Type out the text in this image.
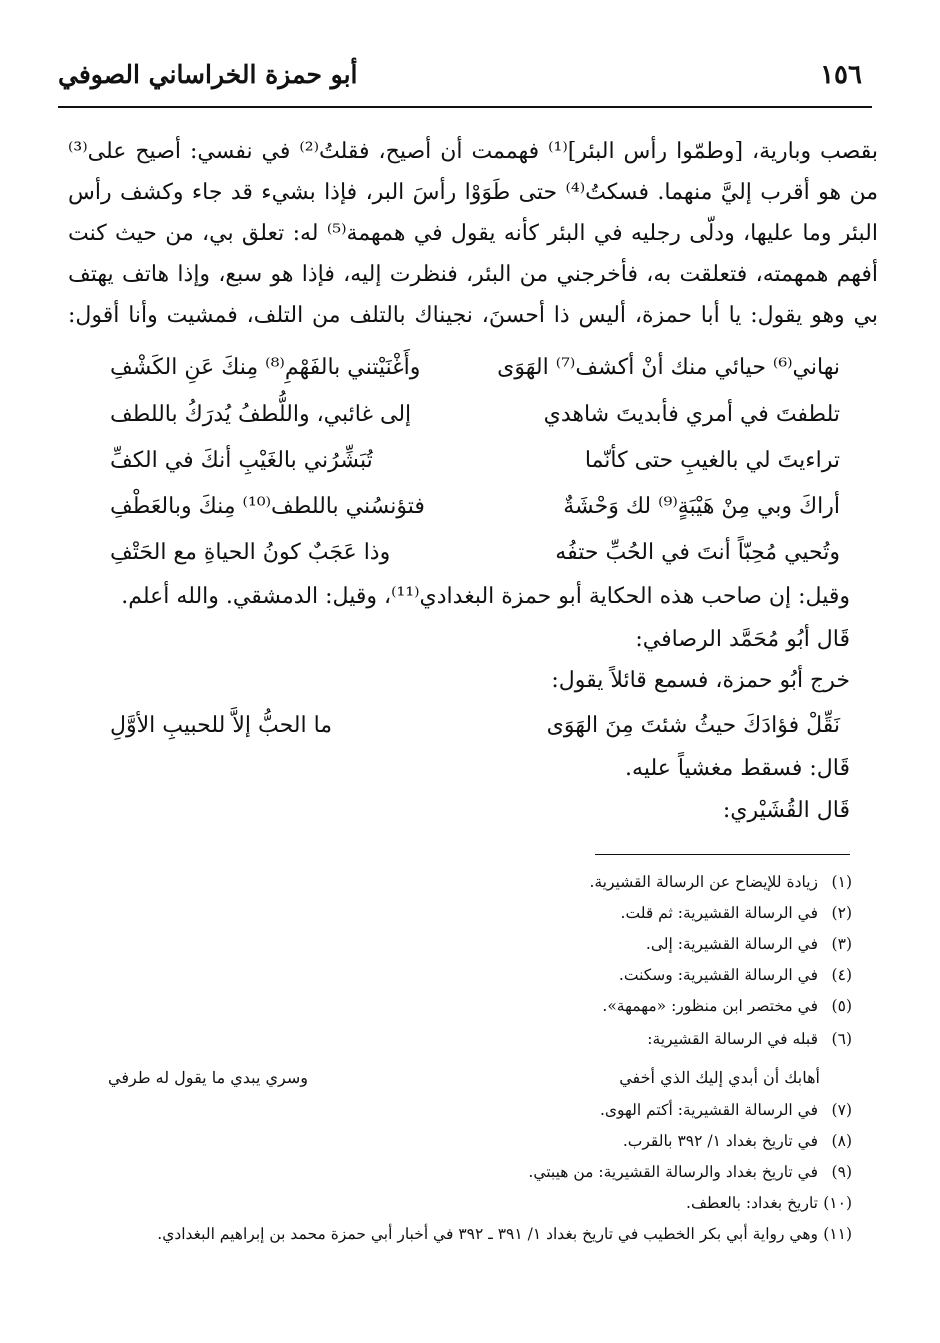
١٥٦
أبو حمزة الخراساني الصوفي
بقصب وبارية، [وطمّوا رأس البئر]⁽¹⁾ فهممت أن أصيح، فقلتُ⁽²⁾ في نفسي: أصيح على⁽³⁾
من هو أقرب إليَّ منهما. فسكتُ⁽⁴⁾ حتى طَوَوْا رأسَ البر، فإذا بشيء قد جاء وكشف رأس
البئر وما عليها، ودلّى رجليه في البئر كأنه يقول في همهمة⁽⁵⁾ له: تعلق بي، من حيث كنت
أفهم همهمته، فتعلقت به، فأخرجني من البئر، فنظرت إليه، فإذا هو سبع، وإذا هاتف يهتف
بي وهو يقول: يا أبا حمزة، أليس ذا أحسنَ، نجيناك بالتلف من التلف، فمشيت وأنا أقول:
نهاني⁽⁶⁾ حيائي منك أنْ أكشف⁽⁷⁾ الهَوَى
وأَغْنَيْتني بالفَهْمِ⁽⁸⁾ مِنكَ عَنِ الكَشْفِ
تلطفتَ في أمري فأبديتَ شاهدي
إلى غائبي، واللُّطفُ يُدرَكُ باللطف
تراءيتَ لي بالغيبِ حتى كأنّما
تُبَشِّرُني بالغَيْبِ أنكَ في الكفِّ
أراكَ وبي مِنْ هَيْبَةٍ⁽⁹⁾ لك وَحْشَةٌ
فتؤنسُني باللطف⁽¹⁰⁾ مِنكَ وبالعَطْفِ
وتُحيي مُحِبّاً أنتَ في الحُبِّ حتفُه
وذا عَجَبٌ كونُ الحياةِ مع الحَتْفِ
وقيل: إن صاحب هذه الحكاية أبو حمزة البغدادي⁽¹¹⁾، وقيل: الدمشقي. والله أعلم.
قَال أبُو مُحَمَّد الرصافي:
خرج أبُو حمزة، فسمع قائلاً يقول:
نَقِّلْ فؤادَكَ حيثُ شئتَ مِنَ الهَوَى
ما الحبُّ إلاَّ للحبيبِ الأوَّلِ
قَال: فسقط مغشياً عليه.
قَال القُشَيْري:
(١)زيادة للإيضاح عن الرسالة القشيرية.
(٢)في الرسالة القشيرية: ثم قلت.
(٣)في الرسالة القشيرية: إلى.
(٤)في الرسالة القشيرية: وسكنت.
(٥)في مختصر ابن منظور: «مهمهة».
(٦)قبله في الرسالة القشيرية:
أهابك أن أبدي إليك الذي أخفي
وسري يبدي ما يقول له طرفي
(٧)في الرسالة القشيرية: أكتم الهوى.
(٨)في تاريخ بغداد ١/ ٣٩٢ بالقرب.
(٩)في تاريخ بغداد والرسالة القشيرية: من هيبتي.
(١٠)تاريخ بغداد: بالعطف.
(١١)وهي رواية أبي بكر الخطيب في تاريخ بغداد ١/ ٣٩١ ـ ٣٩٢ في أخبار أبي حمزة محمد بن إبراهيم البغدادي.
